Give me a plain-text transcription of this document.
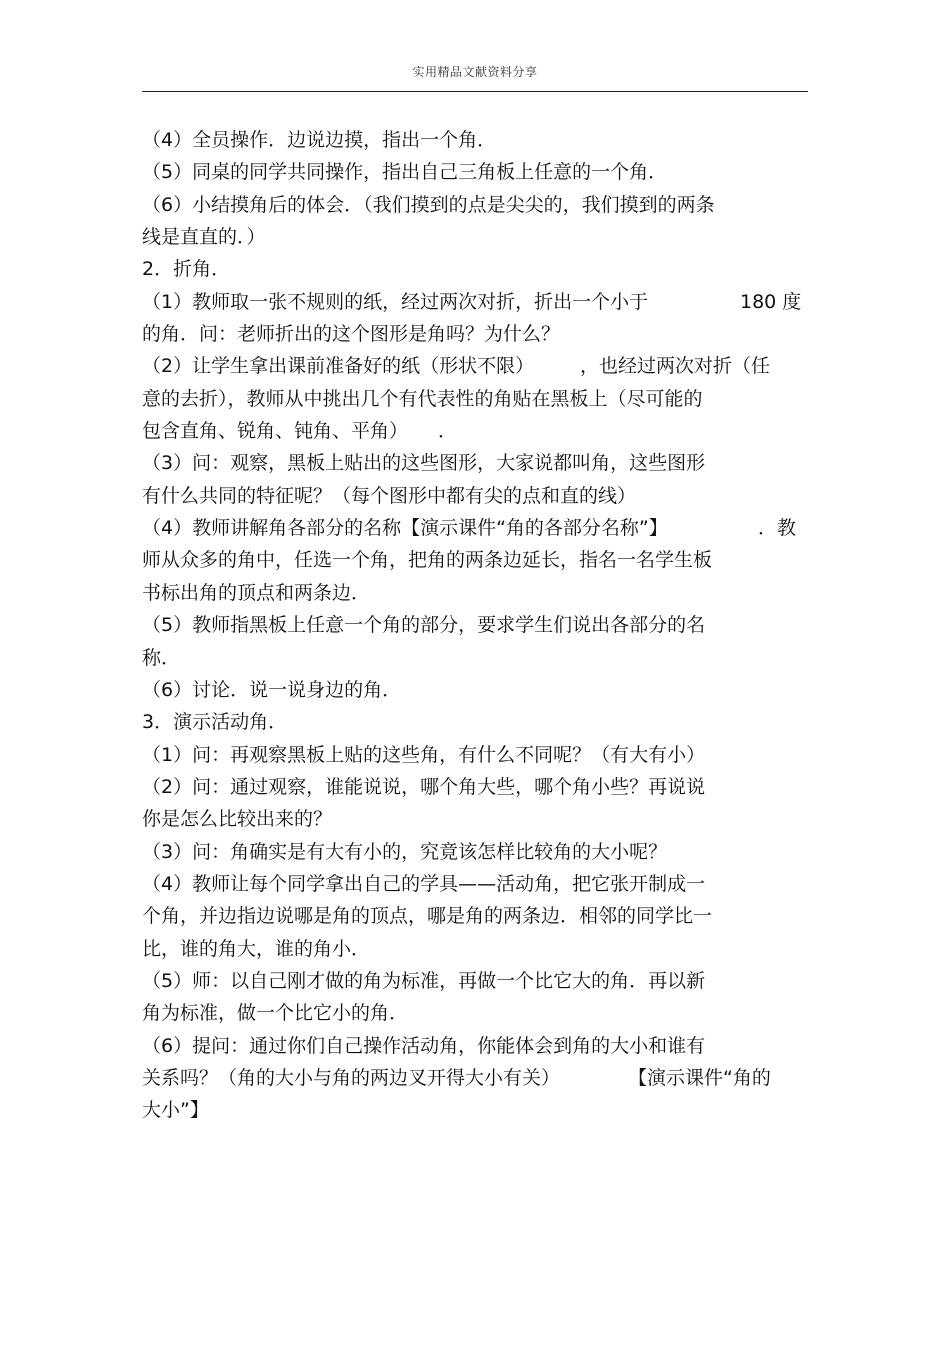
实用精品文献资料分享
（4）全员操作．边说边摸，指出一个角．
（5）同桌的同学共同操作，指出自己三角板上任意的一个角．
（6）小结摸角后的体会．（我们摸到的点是尖尖的，我们摸到的两条
线是直直的．）
2．折角．
（1）教师取一张不规则的纸，经过两次对折，折出一个小于	180 度
的角．问：老师折出的这个图形是角吗？为什么？
（2）让学生拿出课前准备好的纸（形状不限） ，也经过两次对折（任
意的去折），教师从中挑出几个有代表性的角贴在黑板上（尽可能的
包含直角、锐角、钝角、平角） ．
（3）问：观察，黑板上贴出的这些图形，大家说都叫角，这些图形
有什么共同的特征呢？（每个图形中都有尖的点和直的线）
（4）教师讲解角各部分的名称【演示课件“角的各部分名称”】	．教
师从众多的角中，任选一个角，把角的两条边延长，指名一名学生板
书标出角的顶点和两条边．
（5）教师指黑板上任意一个角的部分，要求学生们说出各部分的名
称．
（6）讨论．说一说身边的角．
3．演示活动角．
（1）问：再观察黑板上贴的这些角，有什么不同呢？（有大有小）
（2）问：通过观察，谁能说说，哪个角大些，哪个角小些？再说说
你是怎么比较出来的？
（3）问：角确实是有大有小的，究竟该怎样比较角的大小呢？
（4）教师让每个同学拿出自己的学具——活动角，把它张开制成一
个角，并边指边说哪是角的顶点，哪是角的两条边．相邻的同学比一
比，谁的角大，谁的角小．
（5）师：以自己刚才做的角为标准，再做一个比它大的角．再以新
角为标准，做一个比它小的角．
（6）提问：通过你们自己操作活动角，你能体会到角的大小和谁有
关系吗？（角的大小与角的两边叉开得大小有关）	【演示课件“角的
大小”】
